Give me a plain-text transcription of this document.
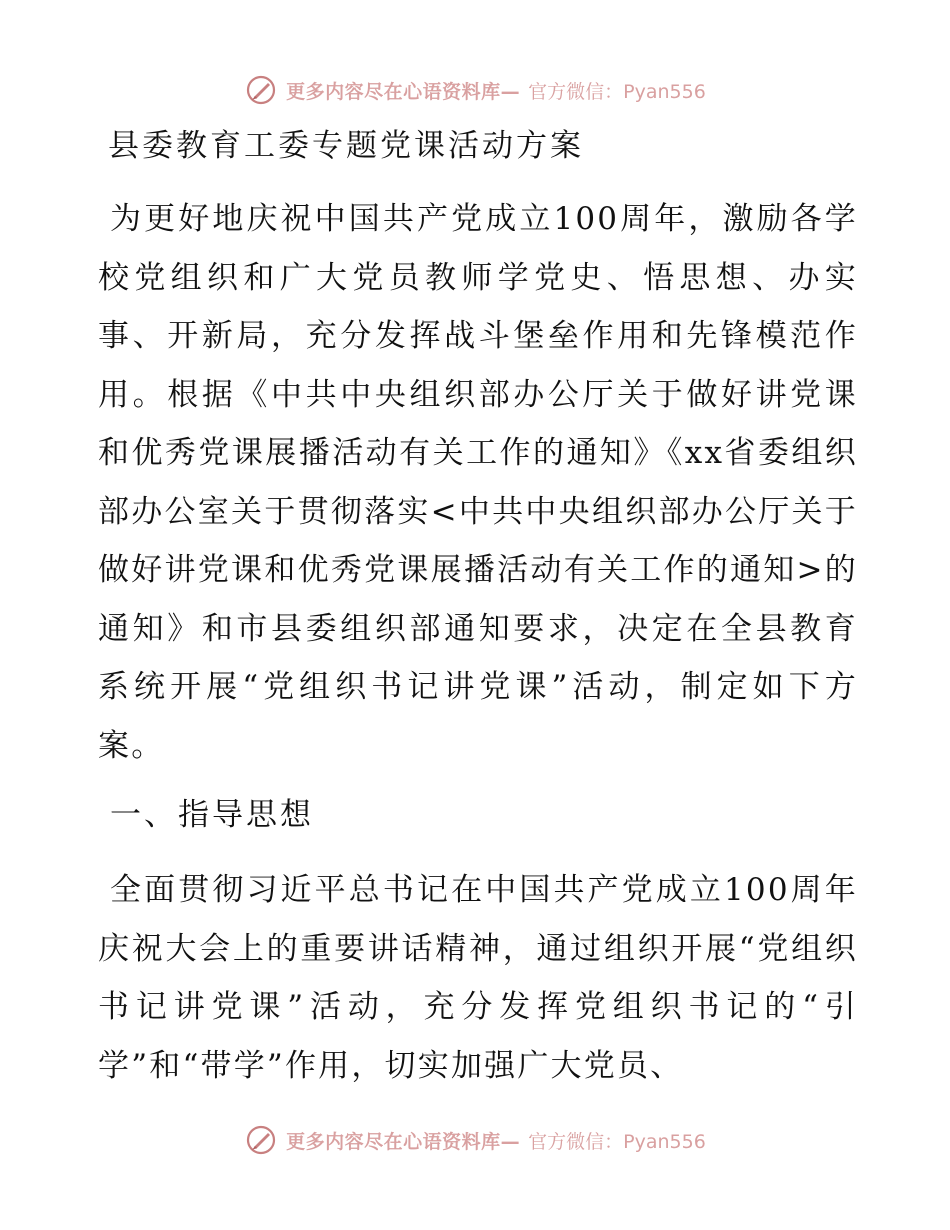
更多内容尽在心语资料库— 官方微信：Pyan556
县委教育工委专题党课活动方案

为更好地庆祝中国共产党成立100周年，激励各学校党组织和广大党员教师学党史、悟思想、办实事、开新局，充分发挥战斗堡垒作用和先锋模范作用。根据《中共中央组织部办公厅关于做好讲党课和优秀党课展播活动有关工作的通知》《xx省委组织部办公室关于贯彻落实<中共中央组织部办公厅关于做好讲党课和优秀党课展播活动有关工作的通知>的通知》和市县委组织部通知要求，决定在全县教育系统开展“党组织书记讲党课”活动，制定如下方案。

一、指导思想

全面贯彻习近平总书记在中国共产党成立100周年庆祝大会上的重要讲话精神，通过组织开展“党组织书记讲党课”活动，充分发挥党组织书记的“引学”和“带学”作用，切实加强广大党员、

更多内容尽在心语资料库— 官方微信：Pyan556
